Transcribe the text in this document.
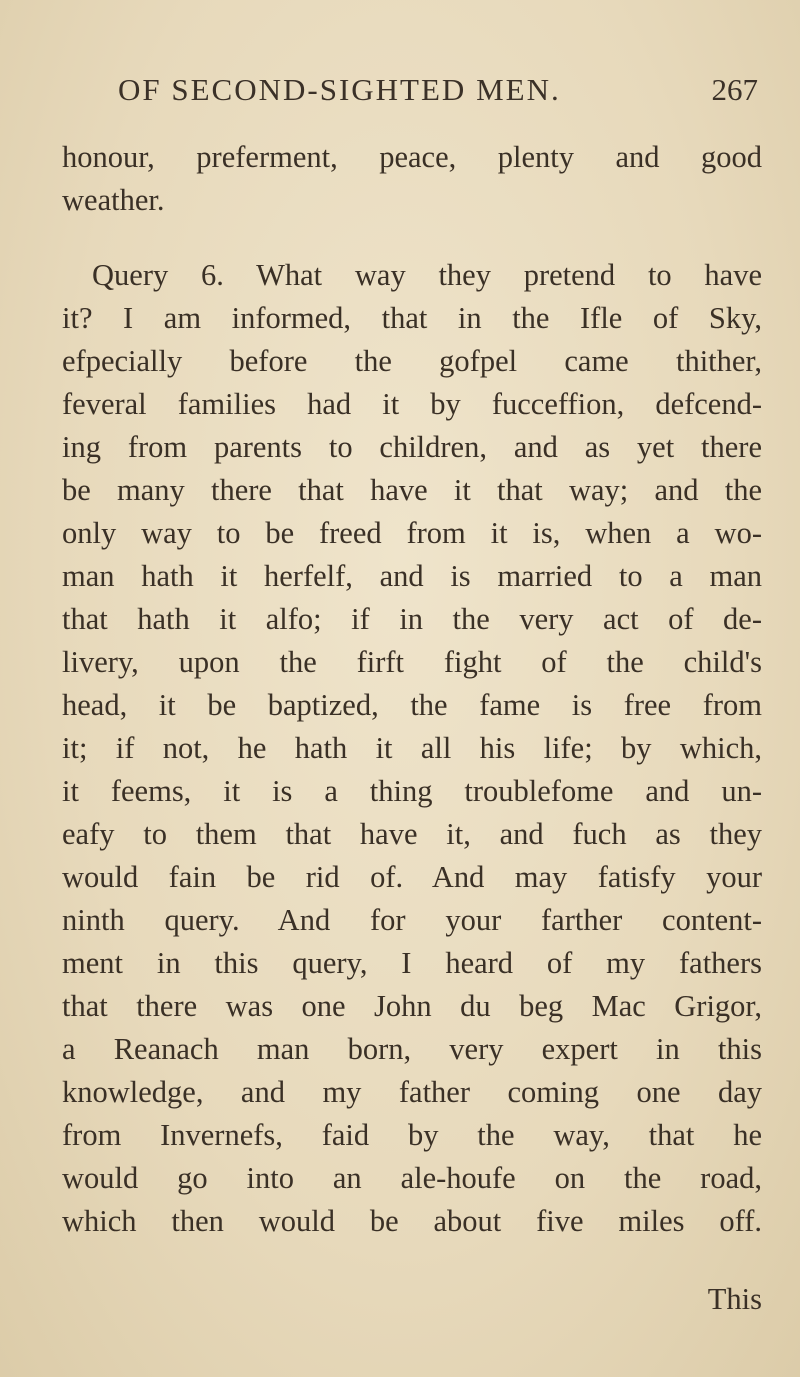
OF SECOND-SIGHTED MEN.	267
honour, preferment, peace, plenty and good
weather.
Query 6. What way they pretend to have
it? I am informed, that in the Ifle of Sky,
efpecially before the gofpel came thither,
feveral families had it by fucceffion, defcend-
ing from parents to children, and as yet there
be many there that have it that way; and the
only way to be freed from it is, when a wo-
man hath it herfelf, and is married to a man
that hath it alfo; if in the very act of de-
livery, upon the firft fight of the child's
head, it be baptized, the fame is free from
it; if not, he hath it all his life; by which,
it feems, it is a thing troublefome and un-
eafy to them that have it, and fuch as they
would fain be rid of. And may fatisfy your
ninth query. And for your farther content-
ment in this query, I heard of my fathers
that there was one John du beg Mac Grigor,
a Reanach man born, very expert in this
knowledge, and my father coming one day
from Invernefs, faid by the way, that he
would go into an ale-houfe on the road,
which then would be about five miles off.
This
